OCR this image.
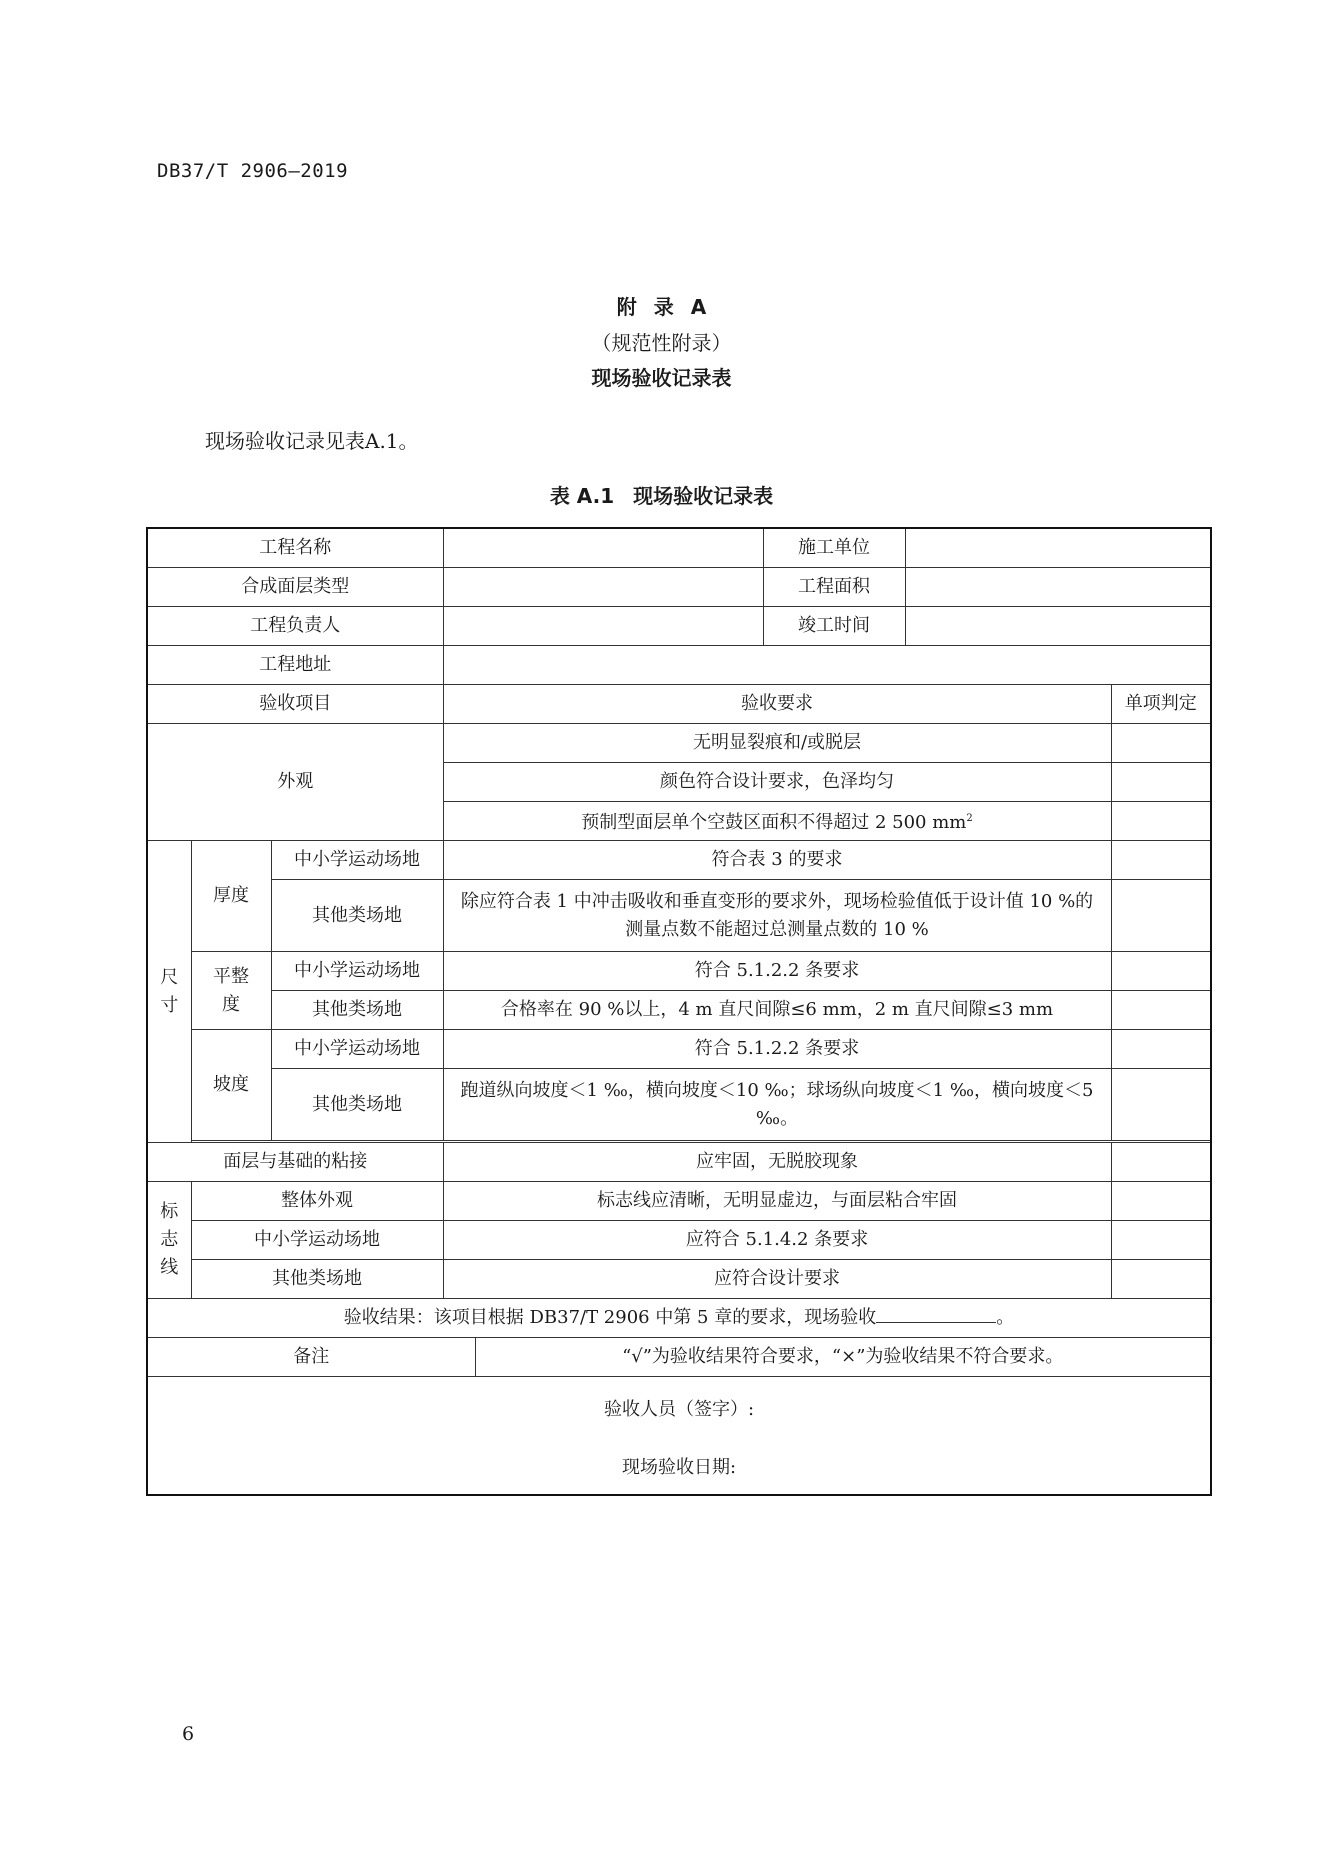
DB37/T 2906—2019
附 录 A
（规范性附录）
现场验收记录表
现场验收记录见表A.1。
表 A.1 现场验收记录表
工程名称					施工单位		
合成面层类型					工程面积		
工程负责人					竣工时间		
工程地址							
验收项目			验收要求				单项判定
外观			无明显裂痕和/或脱层				
			颜色符合设计要求，色泽均匀				
			预制型面层单个空鼓区面积不得超过 2 500 $mm^2$	

尺
寸	厚度	中小学运动场地	符合表 3 的要求				
		其他类场地	除应符合表 1 中冲击吸收和垂直变形的要求外，现场检验值低于设计值 10 %的测量点数不能超过总测量点数的 10 %				

	平整
度	中小学运动场地	符合 5.1.2.2 条要求				
		其他类场地	合格率在 90 %以上，4 m 直尺间隙≤6 mm，2 m 直尺间隙≤3 mm				
	坡度	中小学运动场地	符合 5.1.2.2 条要求				
		其他类场地	跑道纵向坡度＜1 ‰，横向坡度＜10 ‰；球场纵向坡度＜1 ‰，横向坡度＜5 ‰。				

面层与基础的粘接			应牢固，无脱胶现象				

标
志
线	整体外观		标志线应清晰，无明显虚边，与面层粘合牢固				
	中小学运动场地		应符合 5.1.4.2 条要求				
	其他类场地		应符合设计要求				
验收结果：该项目根据 DB37/T 2906 中第 5 章的要求，现场验收 。							
备注				“√”为验收结果符合要求，“×”为验收结果不符合要求。			

验收人员（签字）:
现场验收日期:							
6
